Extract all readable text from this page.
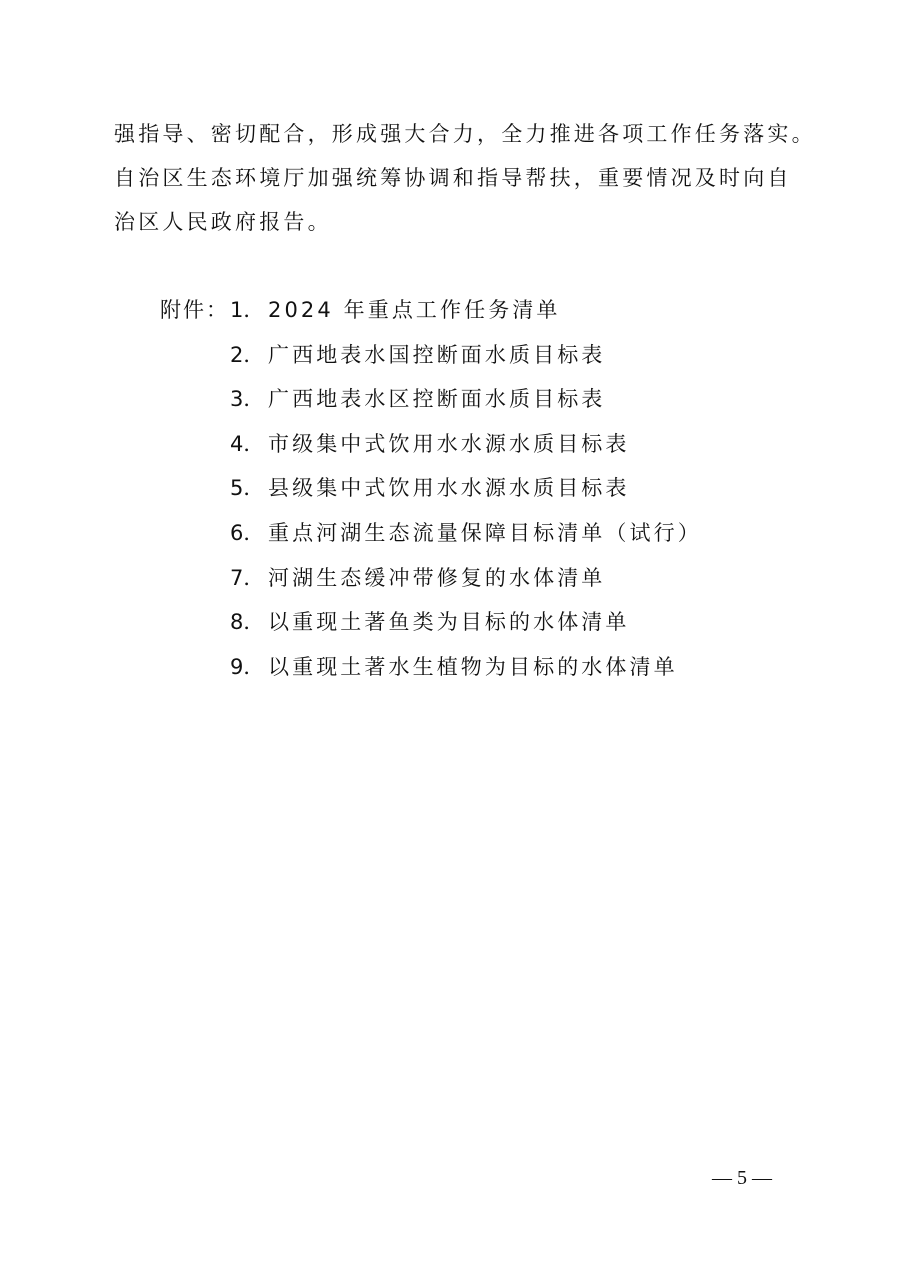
强指导、密切配合，形成强大合力，全力推进各项工作任务落实。
自治区生态环境厅加强统筹协调和指导帮扶，重要情况及时向自
治区人民政府报告。
附件： 1． 2024 年重点工作任务清单
2． 广西地表水国控断面水质目标表
3． 广西地表水区控断面水质目标表
4． 市级集中式饮用水水源水质目标表
5． 县级集中式饮用水水源水质目标表
6． 重点河湖生态流量保障目标清单（试行）
7． 河湖生态缓冲带修复的水体清单
8． 以重现土著鱼类为目标的水体清单
9． 以重现土著水生植物为目标的水体清单
— 5 —
